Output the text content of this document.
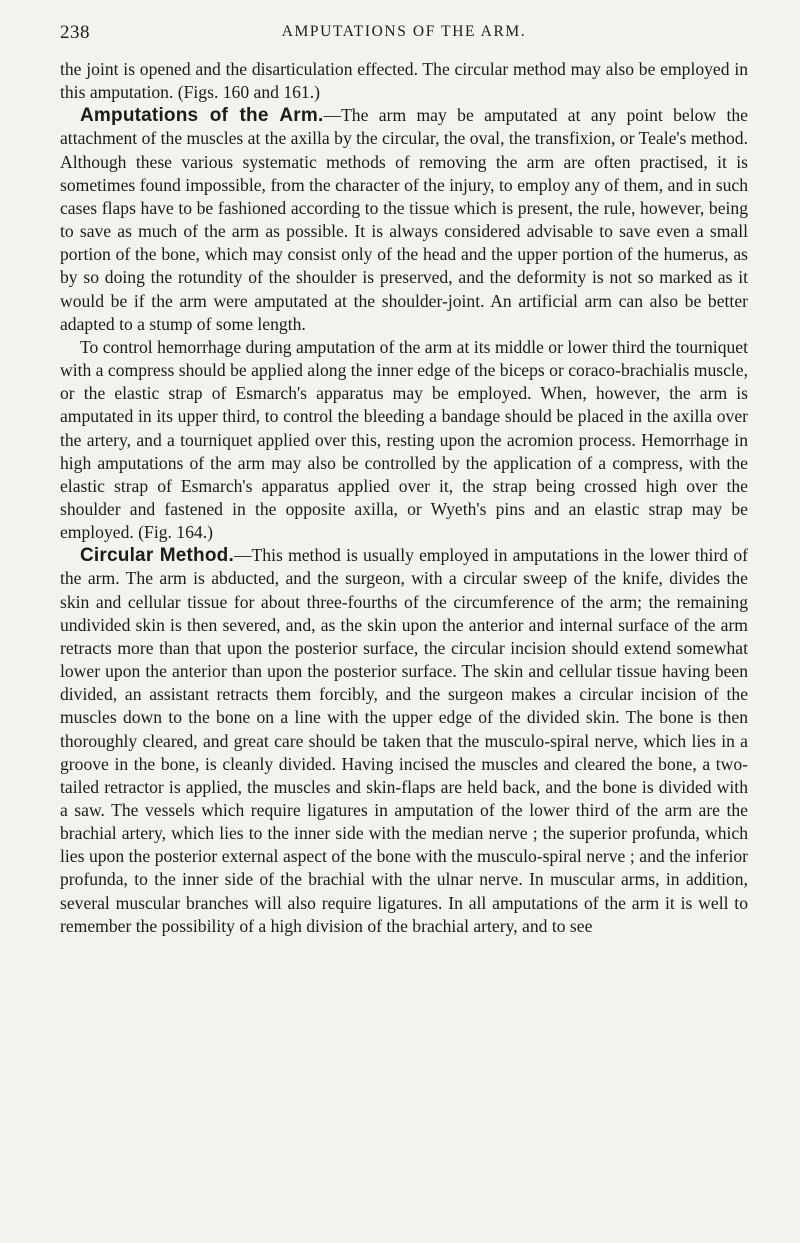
238	AMPUTATIONS OF THE ARM.

the joint is opened and the disarticulation effected. The circular method may also be employed in this amputation. (Figs. 160 and 161.)

Amputations of the Arm.—The arm may be amputated at any point below the attachment of the muscles at the axilla by the circular, the oval, the transfixion, or Teale's method. Although these various systematic methods of removing the arm are often practised, it is sometimes found impossible, from the character of the injury, to employ any of them, and in such cases flaps have to be fashioned according to the tissue which is present, the rule, however, being to save as much of the arm as possible. It is always considered advisable to save even a small portion of the bone, which may consist only of the head and the upper portion of the humerus, as by so doing the rotundity of the shoulder is preserved, and the deformity is not so marked as it would be if the arm were amputated at the shoulder-joint. An artificial arm can also be better adapted to a stump of some length.

To control hemorrhage during amputation of the arm at its middle or lower third the tourniquet with a compress should be applied along the inner edge of the biceps or coraco-brachialis muscle, or the elastic strap of Esmarch's apparatus may be employed. When, however, the arm is amputated in its upper third, to control the bleeding a bandage should be placed in the axilla over the artery, and a tourniquet applied over this, resting upon the acromion process. Hemorrhage in high amputations of the arm may also be controlled by the application of a compress, with the elastic strap of Esmarch's apparatus applied over it, the strap being crossed high over the shoulder and fastened in the opposite axilla, or Wyeth's pins and an elastic strap may be employed. (Fig. 164.)

Circular Method.—This method is usually employed in amputations in the lower third of the arm. The arm is abducted, and the surgeon, with a circular sweep of the knife, divides the skin and cellular tissue for about three-fourths of the circumference of the arm; the remaining undivided skin is then severed, and, as the skin upon the anterior and internal surface of the arm retracts more than that upon the posterior surface, the circular incision should extend somewhat lower upon the anterior than upon the posterior surface. The skin and cellular tissue having been divided, an assistant retracts them forcibly, and the surgeon makes a circular incision of the muscles down to the bone on a line with the upper edge of the divided skin. The bone is then thoroughly cleared, and great care should be taken that the musculo-spiral nerve, which lies in a groove in the bone, is cleanly divided. Having incised the muscles and cleared the bone, a two-tailed retractor is applied, the muscles and skin-flaps are held back, and the bone is divided with a saw. The vessels which require ligatures in amputation of the lower third of the arm are the brachial artery, which lies to the inner side with the median nerve ; the superior profunda, which lies upon the posterior external aspect of the bone with the musculo-spiral nerve ; and the inferior profunda, to the inner side of the brachial with the ulnar nerve. In muscular arms, in addition, several muscular branches will also require ligatures. In all amputations of the arm it is well to remember the possibility of a high division of the brachial artery, and to see
